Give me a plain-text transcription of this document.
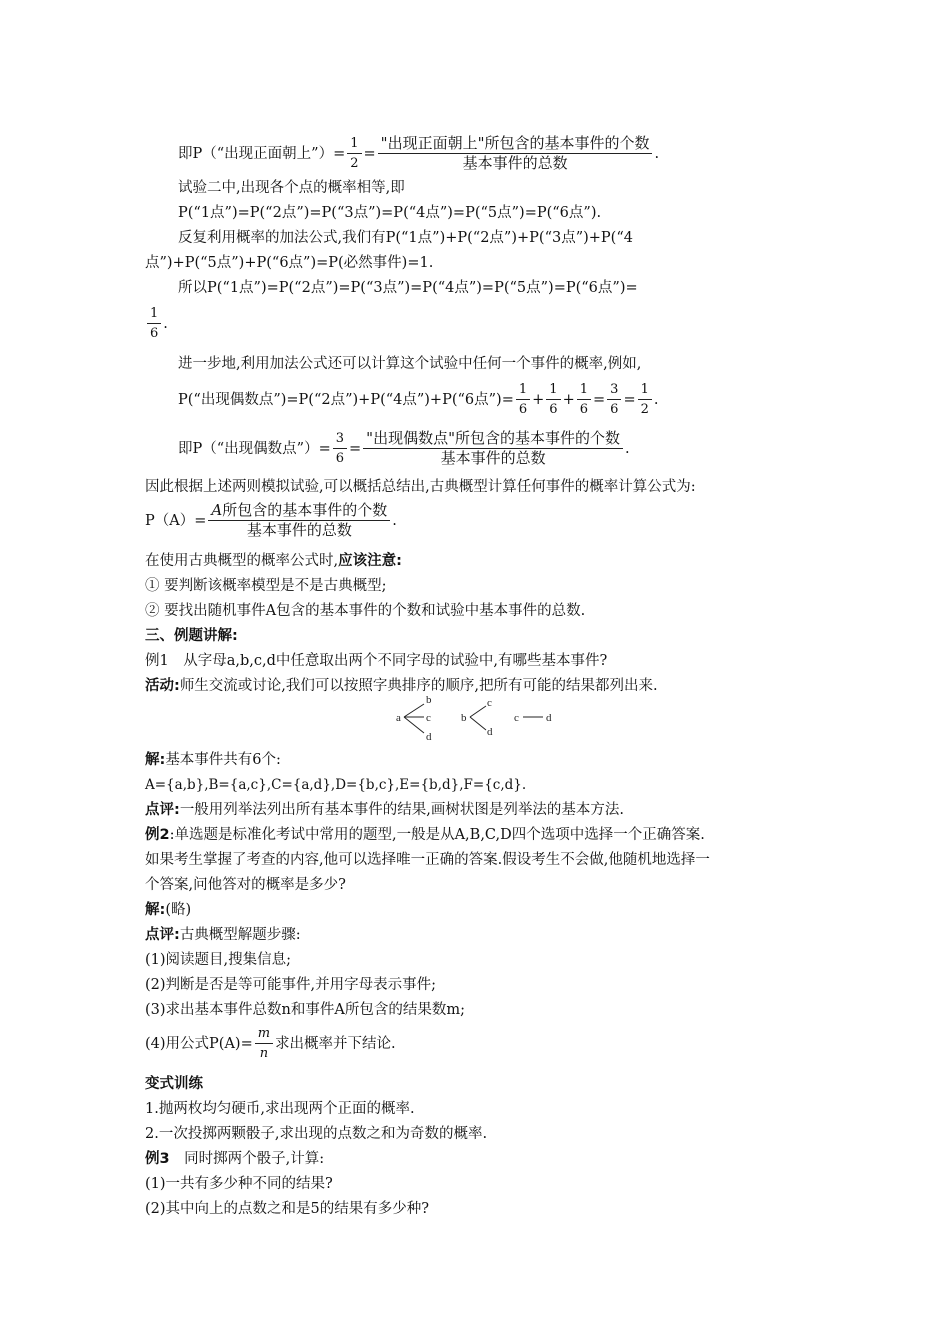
即P（“出现正面朝上”）= $\frac{1}{2} = \frac{\text{"出现正面朝上"所包含的基本事件的个数}}{\text{基本事件的总数}}$ .
试验二中,出现各个点的概率相等,即
P(“1点”)=P(“2点”)=P(“3点”)=P(“4点”)=P(“5点”)=P(“6点”).
反复利用概率的加法公式,我们有P(“1点”)+P(“2点”)+P(“3点”)+P(“4
点”)+P(“5点”)+P(“6点”)=P(必然事件)=1.
所以P(“1点”)=P(“2点”)=P(“3点”)=P(“4点”)=P(“5点”)=P(“6点”)=
$\frac{1}{6}$ .
进一步地,利用加法公式还可以计算这个试验中任何一个事件的概率,例如,
P(“出现偶数点”)=P(“2点”)+P(“4点”)+P(“6点”)= $\frac{1}{6} + \frac{1}{6} + \frac{1}{6} = \frac{3}{6} = \frac{1}{2}$ .
即P（“出现偶数点”）= $\frac{3}{6} = \frac{\text{"出现偶数点"所包含的基本事件的个数}}{\text{基本事件的总数}}$ .
因此根据上述两则模拟试验,可以概括总结出,古典概型计算任何事件的概率计算公式为:
$P(A)= \frac{\text{A所包含的基本事件的个数}}{\text{基本事件的总数}}$ .
在使用古典概型的概率公式时,应该注意:
① 要判断该概率模型是不是古典概型;
② 要找出随机事件A包含的基本事件的个数和试验中基本事件的总数.
三、例题讲解:
例1　从字母a,b,c,d中任意取出两个不同字母的试验中,有哪些基本事件?
活动:师生交流或讨论,我们可以按照字典排序的顺序,把所有可能的结果都列出来.
a
b
c
d
b
c
d
c d
解:基本事件共有6个:
A={a,b},B={a,c},C={a,d},D={b,c},E={b,d},F={c,d}.
点评:一般用列举法列出所有基本事件的结果,画树状图是列举法的基本方法.
例2:单选题是标准化考试中常用的题型,一般是从A,B,C,D四个选项中选择一个正确答案.
如果考生掌握了考查的内容,他可以选择唯一正确的答案.假设考生不会做,他随机地选择一
个答案,问他答对的概率是多少?
解:(略)
点评:古典概型解题步骤:
(1)阅读题目,搜集信息;
(2)判断是否是等可能事件,并用字母表示事件;
(3)求出基本事件总数n和事件A所包含的结果数m;
(4)用公式$P(A)= \frac{m}{n}$ 求出概率并下结论.
变式训练
1.抛两枚均匀硬币,求出现两个正面的概率.
2.一次投掷两颗骰子,求出现的点数之和为奇数的概率.
例3　同时掷两个骰子,计算:
(1)一共有多少种不同的结果?
(2)其中向上的点数之和是5的结果有多少种?
